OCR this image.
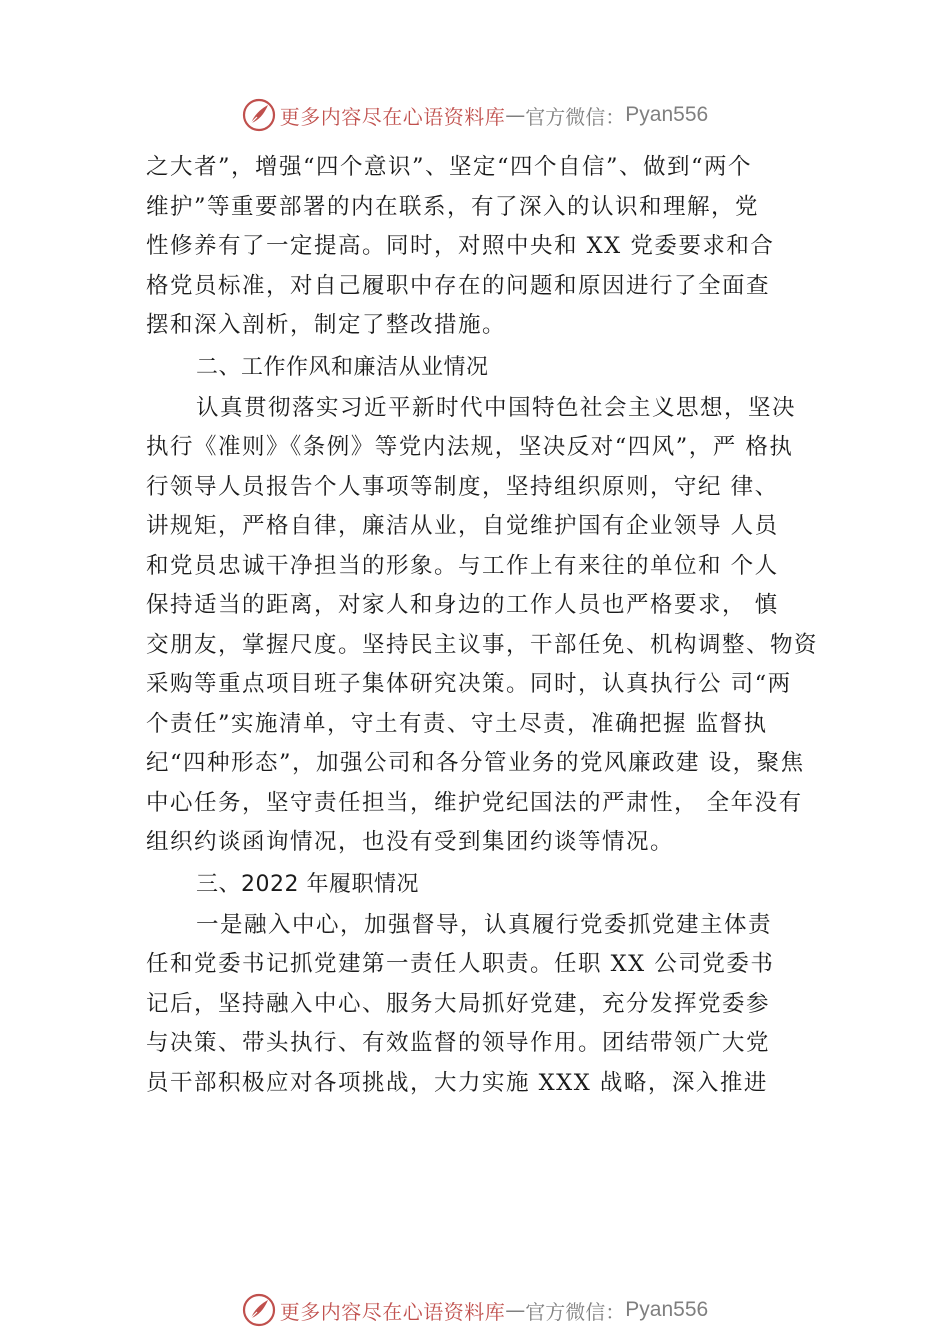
更多内容尽在心语资料库 — 官方微信： Pyan556
之大者”，增强“四个意识”、坚定“四个自信”、做到“两个
维护”等重要部署的内在联系，有了深入的认识和理解，党
性修养有了一定提高。同时，对照中央和 XX 党委要求和合
格党员标准，对自己履职中存在的问题和原因进行了全面查
摆和深入剖析，制定了整改措施。
二、工作作风和廉洁从业情况
认真贯彻落实习近平新时代中国特色社会主义思想，坚决
执行《准则》《条例》等党内法规，坚决反对“四风”，严 格执
行领导人员报告个人事项等制度，坚持组织原则，守纪 律、
讲规矩，严格自律，廉洁从业，自觉维护国有企业领导 人员
和党员忠诚干净担当的形象。与工作上有来往的单位和 个人
保持适当的距离，对家人和身边的工作人员也严格要求， 慎
交朋友，掌握尺度。坚持民主议事，干部任免、机构调整、物资
采购等重点项目班子集体研究决策。同时，认真执行公 司“两
个责任”实施清单，守土有责、守土尽责，准确把握 监督执
纪“四种形态”，加强公司和各分管业务的党风廉政建 设，聚焦
中心任务，坚守责任担当，维护党纪国法的严肃性， 全年没有
组织约谈函询情况，也没有受到集团约谈等情况。
三、2022 年履职情况
一是融入中心，加强督导，认真履行党委抓党建主体责
任和党委书记抓党建第一责任人职责。任职 XX 公司党委书
记后，坚持融入中心、服务大局抓好党建，充分发挥党委参
与决策、带头执行、有效监督的领导作用。团结带领广大党
员干部积极应对各项挑战，大力实施 XXX 战略，深入推进
更多内容尽在心语资料库 — 官方微信： Pyan556
